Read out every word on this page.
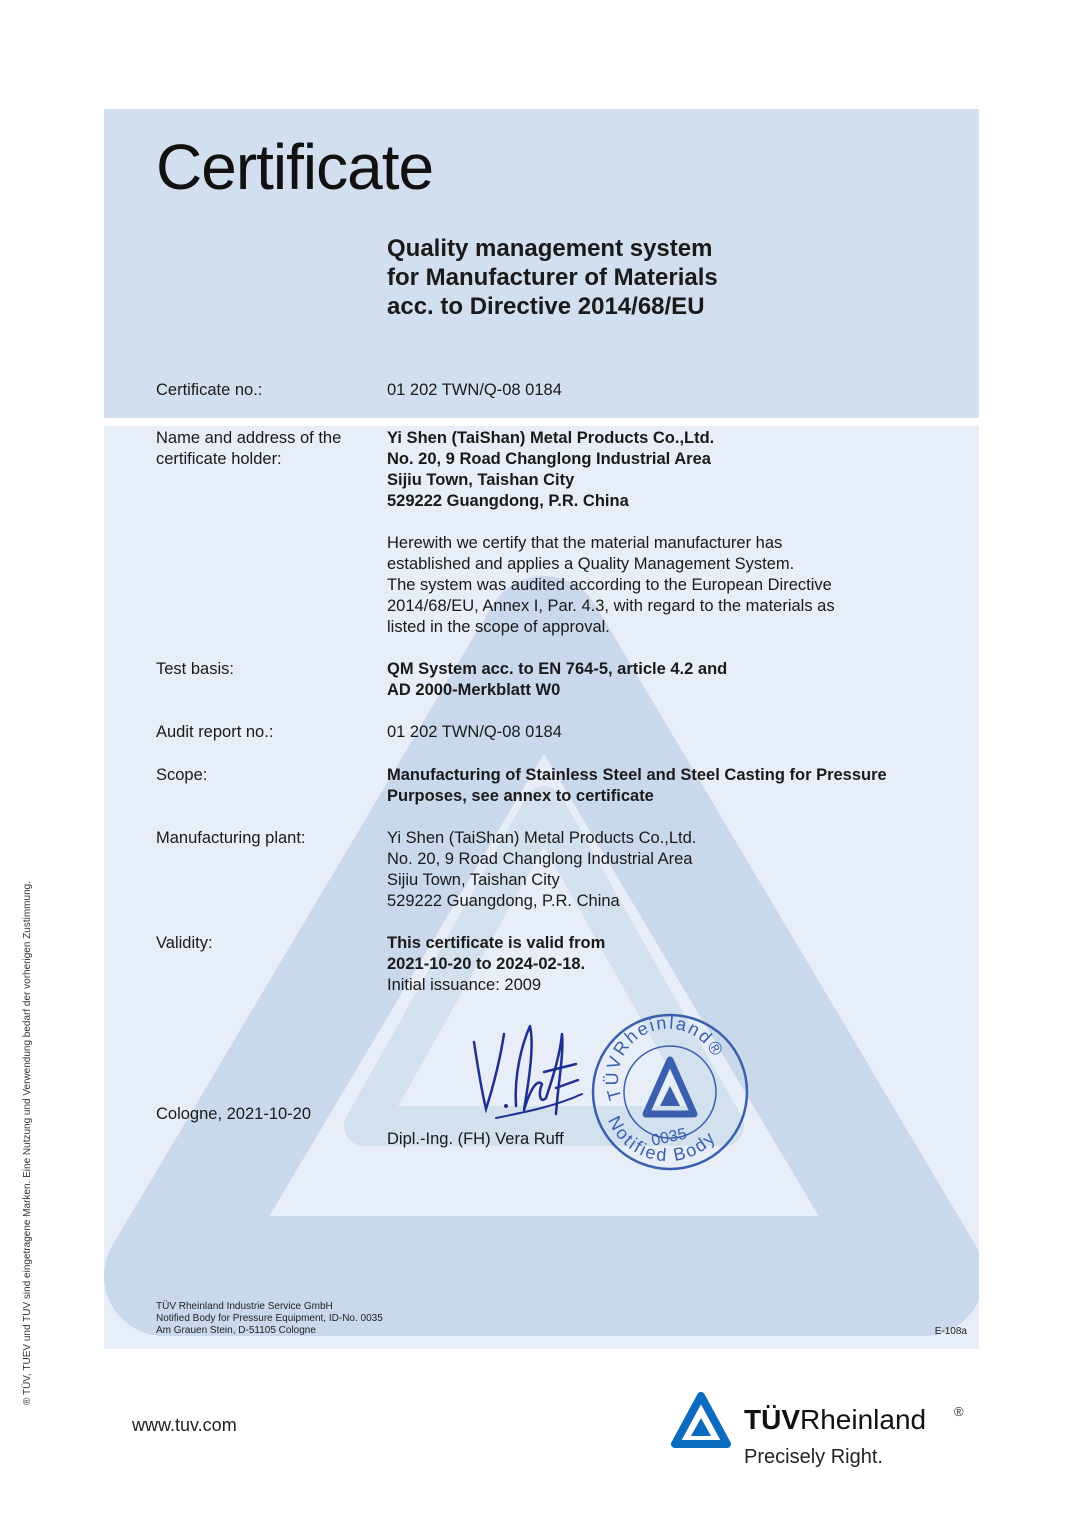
® TÜV, TUEV und TUV sind eingetragene Marken. Eine Nutzung und Verwendung bedarf der vorherigen Zustimmung.
Certificate
Quality management system
for Manufacturer of Materials
acc. to Directive 2014/68/EU
Certificate no.:	01 202 TWN/Q-08 0184
Name and address of the
certificate holder:
Yi Shen (TaiShan) Metal Products Co.,Ltd.
No. 20, 9 Road Changlong Industrial Area
Sijiu Town, Taishan City
529222 Guangdong, P.R. China
Herewith we certify that the material manufacturer has
established and applies a Quality Management System.
The system was audited according to the European Directive
2014/68/EU, Annex I, Par. 4.3, with regard to the materials as
listed in the scope of approval.
Test basis:	QM System acc. to EN 764-5, article 4.2 and
AD 2000-Merkblatt W0
Audit report no.:	01 202 TWN/Q-08 0184
Scope:	Manufacturing of Stainless Steel and Steel Casting for Pressure
Purposes, see annex to certificate
Manufacturing plant:	Yi Shen (TaiShan) Metal Products Co.,Ltd.
No. 20, 9 Road Changlong Industrial Area
Sijiu Town, Taishan City
529222 Guangdong, P.R. China
Validity:	This certificate is valid from
2021-10-20 to 2024-02-18.
Initial issuance: 2009
TÜVRheinland®
0035
Notified Body
Cologne, 2021-10-20
Dipl.-Ing. (FH) Vera Ruff
TÜV Rheinland Industrie Service GmbH
Notified Body for Pressure Equipment, ID-No. 0035
Am Grauen Stein, D-51105 Cologne	E-108a
www.tuv.com	TÜVRheinland ®
Precisely Right.
